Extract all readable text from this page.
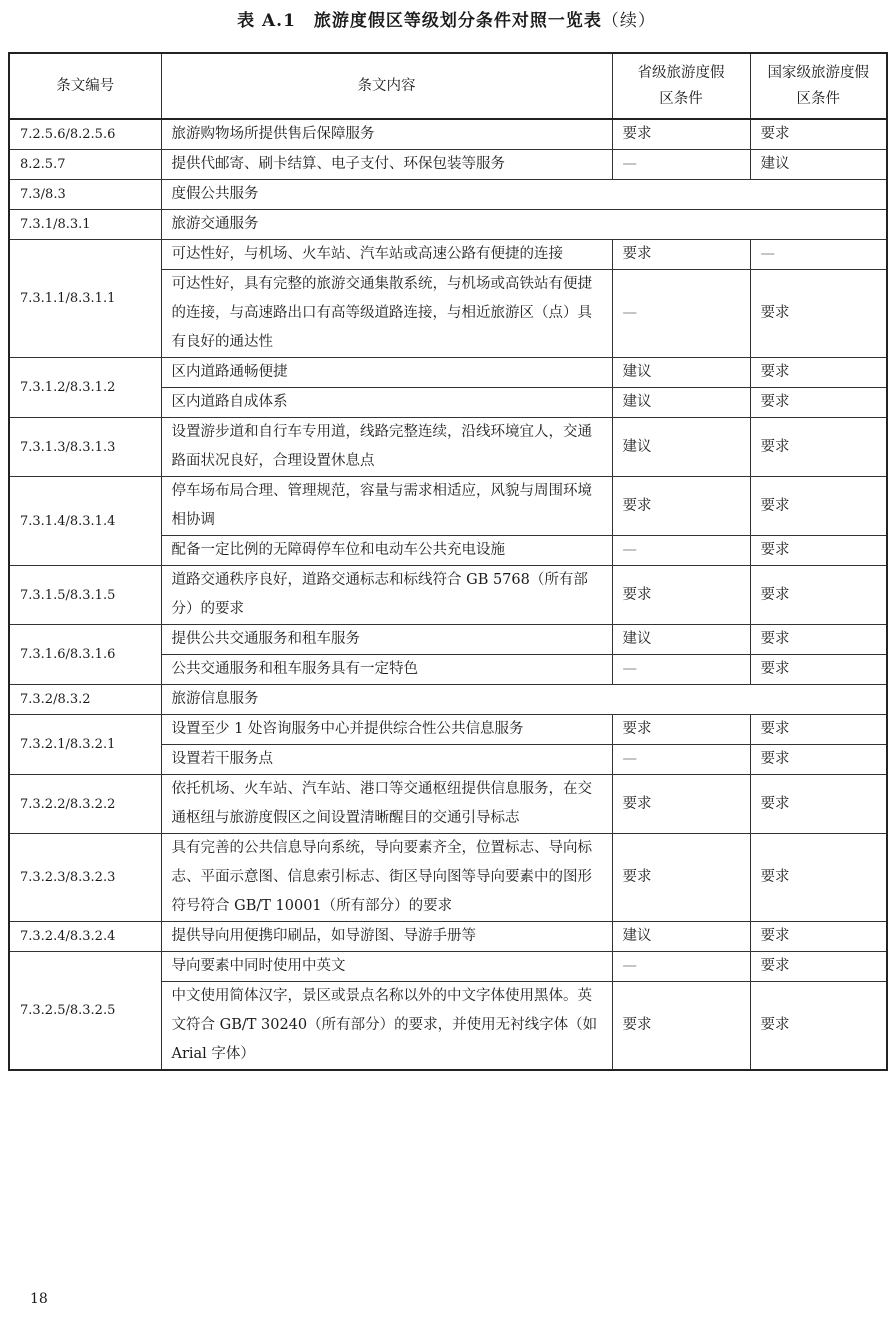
表 A.1　旅游度假区等级划分条件对照一览表（续）
条文编号	条文内容	省级旅游度假区条件	国家级旅游度假区条件
7.2.5.6/8.2.5.6	旅游购物场所提供售后保障服务	要求	要求
8.2.5.7	提供代邮寄、刷卡结算、电子支付、环保包装等服务	—	建议
7.3/8.3	度假公共服务		
7.3.1/8.3.1	旅游交通服务		
7.3.1.1/8.3.1.1	可达性好，与机场、火车站、汽车站或高速公路有便捷的连接	要求	—
	可达性好，具有完整的旅游交通集散系统，与机场或高铁站有便捷的连接，与高速路出口有高等级道路连接，与相近旅游区（点）具有良好的通达性	—	要求
7.3.1.2/8.3.1.2	区内道路通畅便捷	建议	要求
	区内道路自成体系	建议	要求
7.3.1.3/8.3.1.3	设置游步道和自行车专用道，线路完整连续，沿线环境宜人，交通路面状况良好，合理设置休息点	建议	要求
7.3.1.4/8.3.1.4	停车场布局合理、管理规范，容量与需求相适应，风貌与周围环境相协调	要求	要求
	配备一定比例的无障碍停车位和电动车公共充电设施	—	要求
7.3.1.5/8.3.1.5	道路交通秩序良好，道路交通标志和标线符合 GB 5768（所有部分）的要求	要求	要求
7.3.1.6/8.3.1.6	提供公共交通服务和租车服务	建议	要求
	公共交通服务和租车服务具有一定特色	—	要求
7.3.2/8.3.2	旅游信息服务		
7.3.2.1/8.3.2.1	设置至少 1 处咨询服务中心并提供综合性公共信息服务	要求	要求
	设置若干服务点	—	要求
7.3.2.2/8.3.2.2	依托机场、火车站、汽车站、港口等交通枢纽提供信息服务，在交通枢纽与旅游度假区之间设置清晰醒目的交通引导标志	要求	要求
7.3.2.3/8.3.2.3	具有完善的公共信息导向系统，导向要素齐全，位置标志、导向标志、平面示意图、信息索引标志、街区导向图等导向要素中的图形符号符合 GB/T 10001（所有部分）的要求	要求	要求
7.3.2.4/8.3.2.4	提供导向用便携印刷品，如导游图、导游手册等	建议	要求
7.3.2.5/8.3.2.5	导向要素中同时使用中英文	—	要求
	中文使用简体汉字，景区或景点名称以外的中文字体使用黑体。英文符合 GB/T 30240（所有部分）的要求，并使用无衬线字体（如 Arial 字体）	要求	要求
18
